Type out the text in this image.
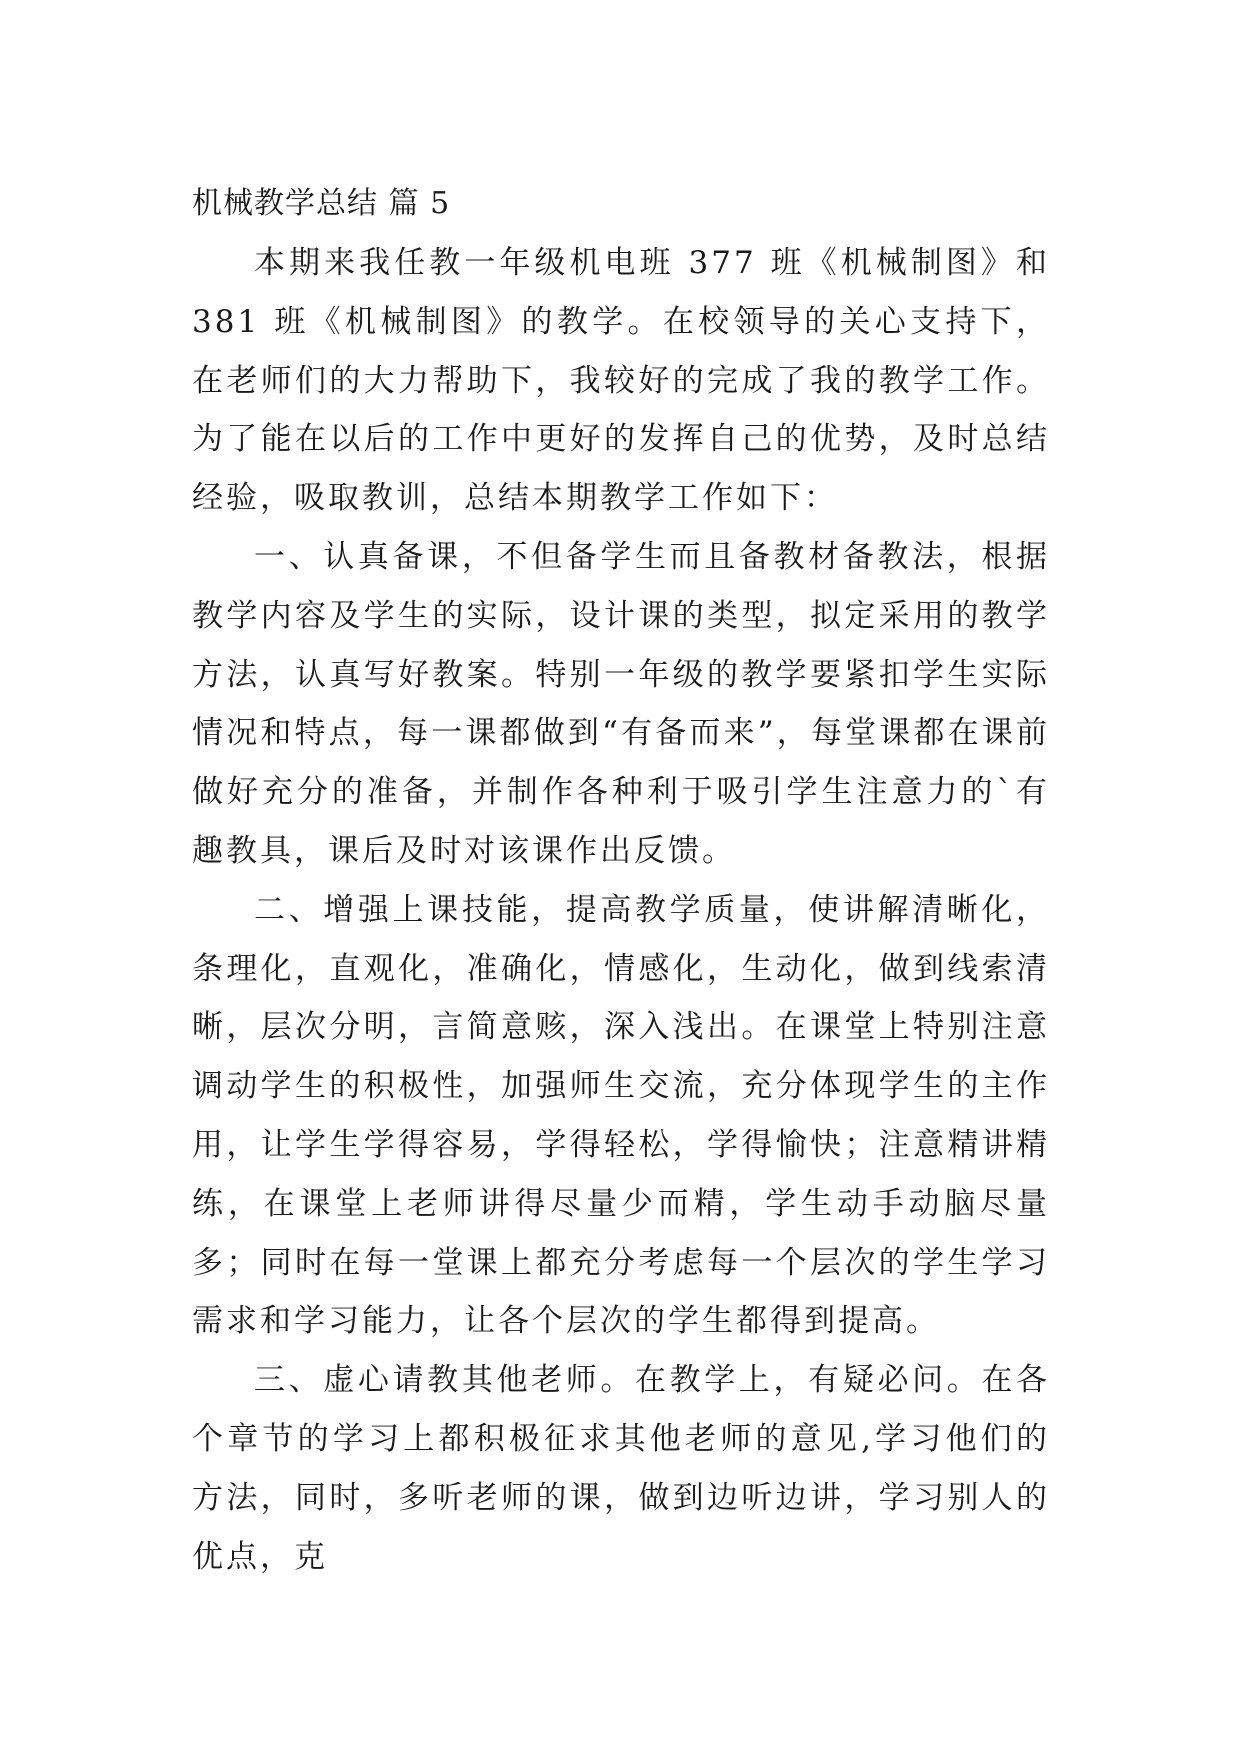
机械教学总结 篇 5

本期来我任教一年级机电班 377 班《机械制图》和 381 班《机械制图》的教学。在校领导的关心支持下，在老师们的大力帮助下，我较好的完成了我的教学工作。为了能在以后的工作中更好的发挥自己的优势，及时总结经验，吸取教训，总结本期教学工作如下：

一、认真备课，不但备学生而且备教材备教法，根据教学内容及学生的实际，设计课的类型，拟定采用的教学方法，认真写好教案。特别一年级的教学要紧扣学生实际情况和特点，每一课都做到“有备而来”，每堂课都在课前做好充分的准备，并制作各种利于吸引学生注意力的`有趣教具，课后及时对该课作出反馈。

二、增强上课技能，提高教学质量，使讲解清晰化，条理化，直观化，准确化，情感化，生动化，做到线索清晰，层次分明，言简意赅，深入浅出。在课堂上特别注意调动学生的积极性，加强师生交流，充分体现学生的主作用，让学生学得容易，学得轻松，学得愉快；注意精讲精练，在课堂上老师讲得尽量少而精，学生动手动脑尽量多；同时在每一堂课上都充分考虑每一个层次的学生学习需求和学习能力，让各个层次的学生都得到提高。

三、虚心请教其他老师。在教学上，有疑必问。在各个章节的学习上都积极征求其他老师的意见,学习他们的方法，同时，多听老师的课，做到边听边讲，学习别人的优点，克
